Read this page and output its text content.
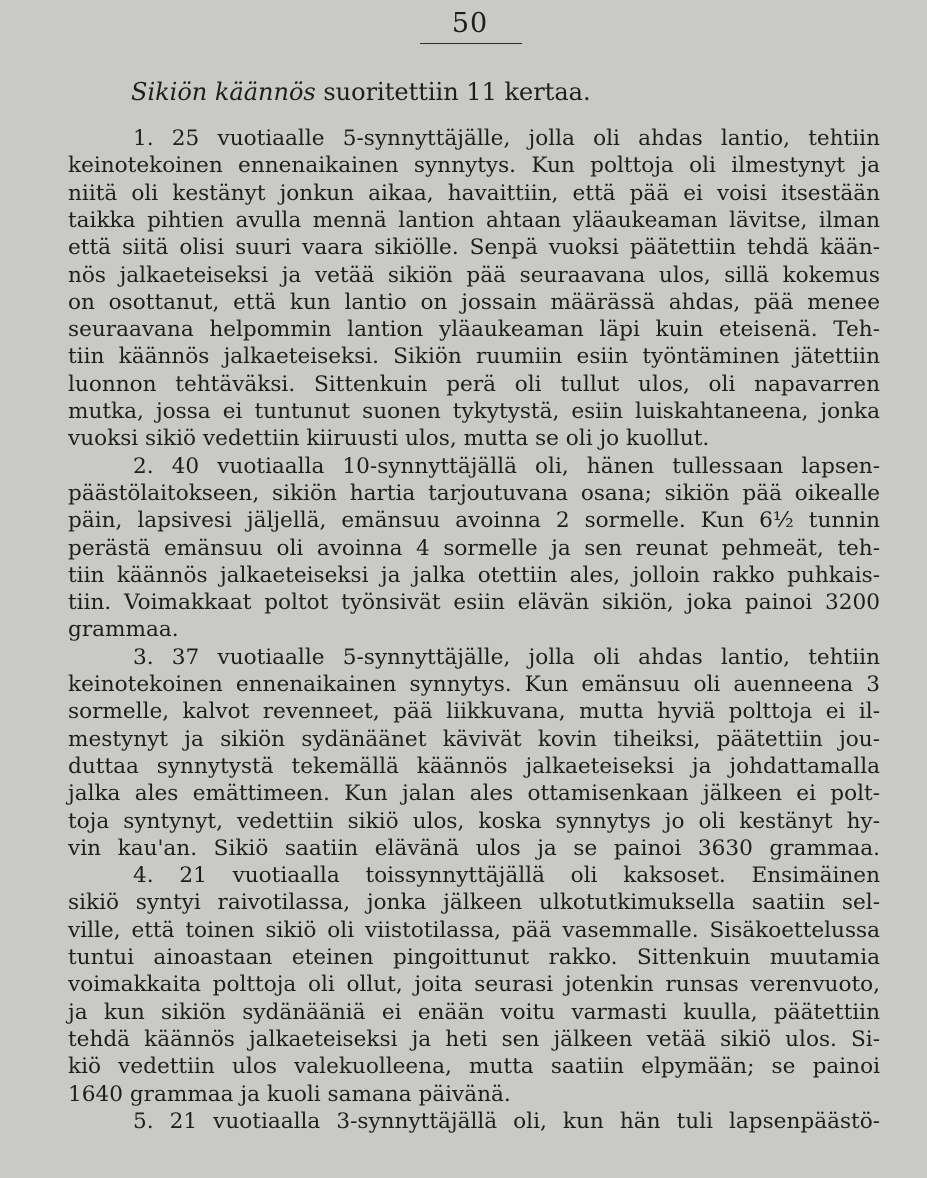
50
Sikiön käännös suoritettiin 11 kertaa.
1. 25 vuotiaalle 5-synnyttäjälle, jolla oli ahdas lantio, tehtiin
keinotekoinen ennenaikainen synnytys. Kun polttoja oli ilmestynyt ja
niitä oli kestänyt jonkun aikaa, havaittiin, että pää ei voisi itsestään
taikka pihtien avulla mennä lantion ahtaan yläaukeaman lävitse, ilman
että siitä olisi suuri vaara sikiölle. Senpä vuoksi päätettiin tehdä kään-
nös jalkaeteiseksi ja vetää sikiön pää seuraavana ulos, sillä kokemus
on osottanut, että kun lantio on jossain määrässä ahdas, pää menee
seuraavana helpommin lantion yläaukeaman läpi kuin eteisenä. Teh-
tiin käännös jalkaeteiseksi. Sikiön ruumiin esiin työntäminen jätettiin
luonnon tehtäväksi. Sittenkuin perä oli tullut ulos, oli napavarren
mutka, jossa ei tuntunut suonen tykytystä, esiin luiskahtaneena, jonka
vuoksi sikiö vedettiin kiiruusti ulos, mutta se oli jo kuollut.
2. 40 vuotiaalla 10-synnyttäjällä oli, hänen tullessaan lapsen-
päästölaitokseen, sikiön hartia tarjoutuvana osana; sikiön pää oikealle
päin, lapsivesi jäljellä, emänsuu avoinna 2 sormelle. Kun 6½ tunnin
perästä emänsuu oli avoinna 4 sormelle ja sen reunat pehmeät, teh-
tiin käännös jalkaeteiseksi ja jalka otettiin ales, jolloin rakko puhkais-
tiin. Voimakkaat poltot työnsivät esiin elävän sikiön, joka painoi 3200
grammaa.
3. 37 vuotiaalle 5-synnyttäjälle, jolla oli ahdas lantio, tehtiin
keinotekoinen ennenaikainen synnytys. Kun emänsuu oli auenneena 3
sormelle, kalvot revenneet, pää liikkuvana, mutta hyviä polttoja ei il-
mestynyt ja sikiön sydänäänet kävivät kovin tiheiksi, päätettiin jou-
duttaa synnytystä tekemällä käännös jalkaeteiseksi ja johdattamalla
jalka ales emättimeen. Kun jalan ales ottamisenkaan jälkeen ei polt-
toja syntynyt, vedettiin sikiö ulos, koska synnytys jo oli kestänyt hy-
vin kau'an. Sikiö saatiin elävänä ulos ja se painoi 3630 grammaa.
4. 21 vuotiaalla toissynnyttäjällä oli kaksoset. Ensimäinen
sikiö syntyi raivotilassa, jonka jälkeen ulkotutkimuksella saatiin sel-
ville, että toinen sikiö oli viistotilassa, pää vasemmalle. Sisäkoettelussa
tuntui ainoastaan eteinen pingoittunut rakko. Sittenkuin muutamia
voimakkaita polttoja oli ollut, joita seurasi jotenkin runsas verenvuoto,
ja kun sikiön sydänääniä ei enään voitu varmasti kuulla, päätettiin
tehdä käännös jalkaeteiseksi ja heti sen jälkeen vetää sikiö ulos. Si-
kiö vedettiin ulos valekuolleena, mutta saatiin elpymään; se painoi
1640 grammaa ja kuoli samana päivänä.
5. 21 vuotiaalla 3-synnyttäjällä oli, kun hän tuli lapsenpäästö-
